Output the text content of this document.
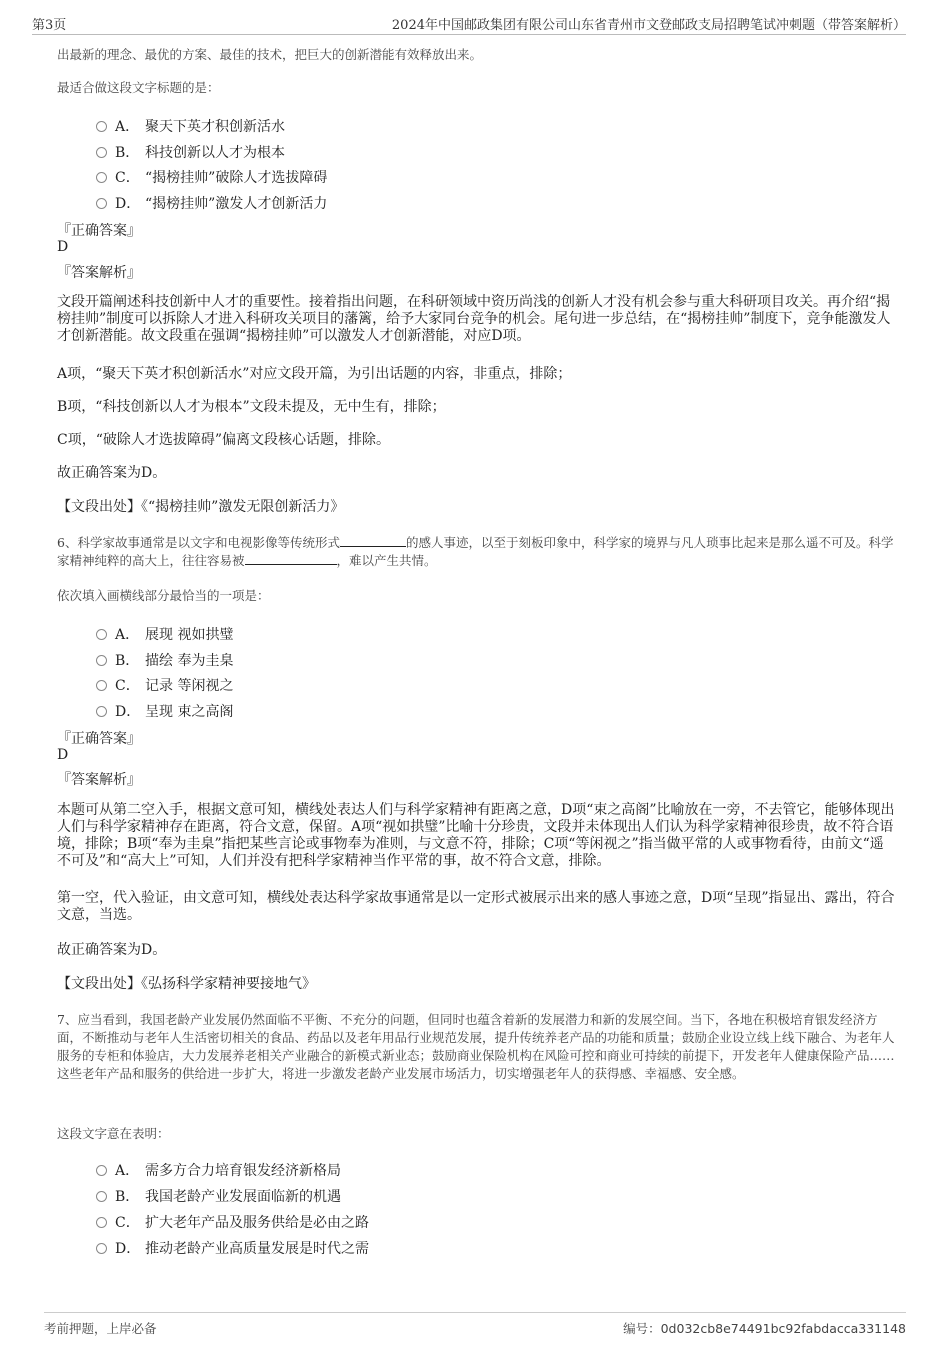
第3页	2024年中国邮政集团有限公司山东省青州市文登邮政支局招聘笔试冲刺题（带答案解析）
出最新的理念、最优的方案、最佳的技术，把巨大的创新潜能有效释放出来。
最适合做这段文字标题的是：
A． 聚天下英才积创新活水
B． 科技创新以人才为根本
C． “揭榜挂帅”破除人才选拔障碍
D． “揭榜挂帅”激发人才创新活力
『正确答案』
D
『答案解析』
文段开篇阐述科技创新中人才的重要性。接着指出问题，在科研领域中资历尚浅的创新人才没有机会参与重大科研项目攻关。再介绍“揭榜挂帅”制度可以拆除人才进入科研攻关项目的藩篱，给予大家同台竞争的机会。尾句进一步总结，在“揭榜挂帅”制度下，竞争能激发人才创新潜能。故文段重在强调“揭榜挂帅”可以激发人才创新潜能，对应D项。
A项，“聚天下英才积创新活水”对应文段开篇，为引出话题的内容，非重点，排除；
B项，“科技创新以人才为根本”文段未提及，无中生有，排除；
C项，“破除人才选拔障碍”偏离文段核心话题，排除。
故正确答案为D。
【文段出处】《“揭榜挂帅”激发无限创新活力》
6、科学家故事通常是以文字和电视影像等传统形式	的感人事迹，以至于刻板印象中，科学家的境界与凡人琐事比起来是那么遥不可及。科学家精神纯粹的高大上，往往容易被	，难以产生共情。
依次填入画横线部分最恰当的一项是：
A． 展现 视如拱璧
B． 描绘 奉为圭臬
C． 记录 等闲视之
D． 呈现 束之高阁
『正确答案』
D
『答案解析』
本题可从第二空入手，根据文意可知，横线处表达人们与科学家精神有距离之意，D项“束之高阁”比喻放在一旁，不去管它，能够体现出人们与科学家精神存在距离，符合文意，保留。A项“视如拱璧”比喻十分珍贵，文段并未体现出人们认为科学家精神很珍贵，故不符合语境，排除；B项“奉为圭臬”指把某些言论或事物奉为准则，与文意不符，排除；C项“等闲视之”指当做平常的人或事物看待，由前文“遥不可及”和“高大上”可知，人们并没有把科学家精神当作平常的事，故不符合文意，排除。
第一空，代入验证，由文意可知，横线处表达科学家故事通常是以一定形式被展示出来的感人事迹之意，D项“呈现”指显出、露出，符合文意，当选。
故正确答案为D。
【文段出处】《弘扬科学家精神要接地气》
7、应当看到，我国老龄产业发展仍然面临不平衡、不充分的问题，但同时也蕴含着新的发展潜力和新的发展空间。当下，各地在积极培育银发经济方面，不断推动与老年人生活密切相关的食品、药品以及老年用品行业规范发展，提升传统养老产品的功能和质量；鼓励企业设立线上线下融合、为老年人服务的专柜和体验店，大力发展养老相关产业融合的新模式新业态；鼓励商业保险机构在风险可控和商业可持续的前提下，开发老年人健康保险产品……这些老年产品和服务的供给进一步扩大，将进一步激发老龄产业发展市场活力，切实增强老年人的获得感、幸福感、安全感。
这段文字意在表明：
A． 需多方合力培育银发经济新格局
B． 我国老龄产业发展面临新的机遇
C． 扩大老年产品及服务供给是必由之路
D． 推动老龄产业高质量发展是时代之需
考前押题，上岸必备	编号：0d032cb8e74491bc92fabdacca331148
